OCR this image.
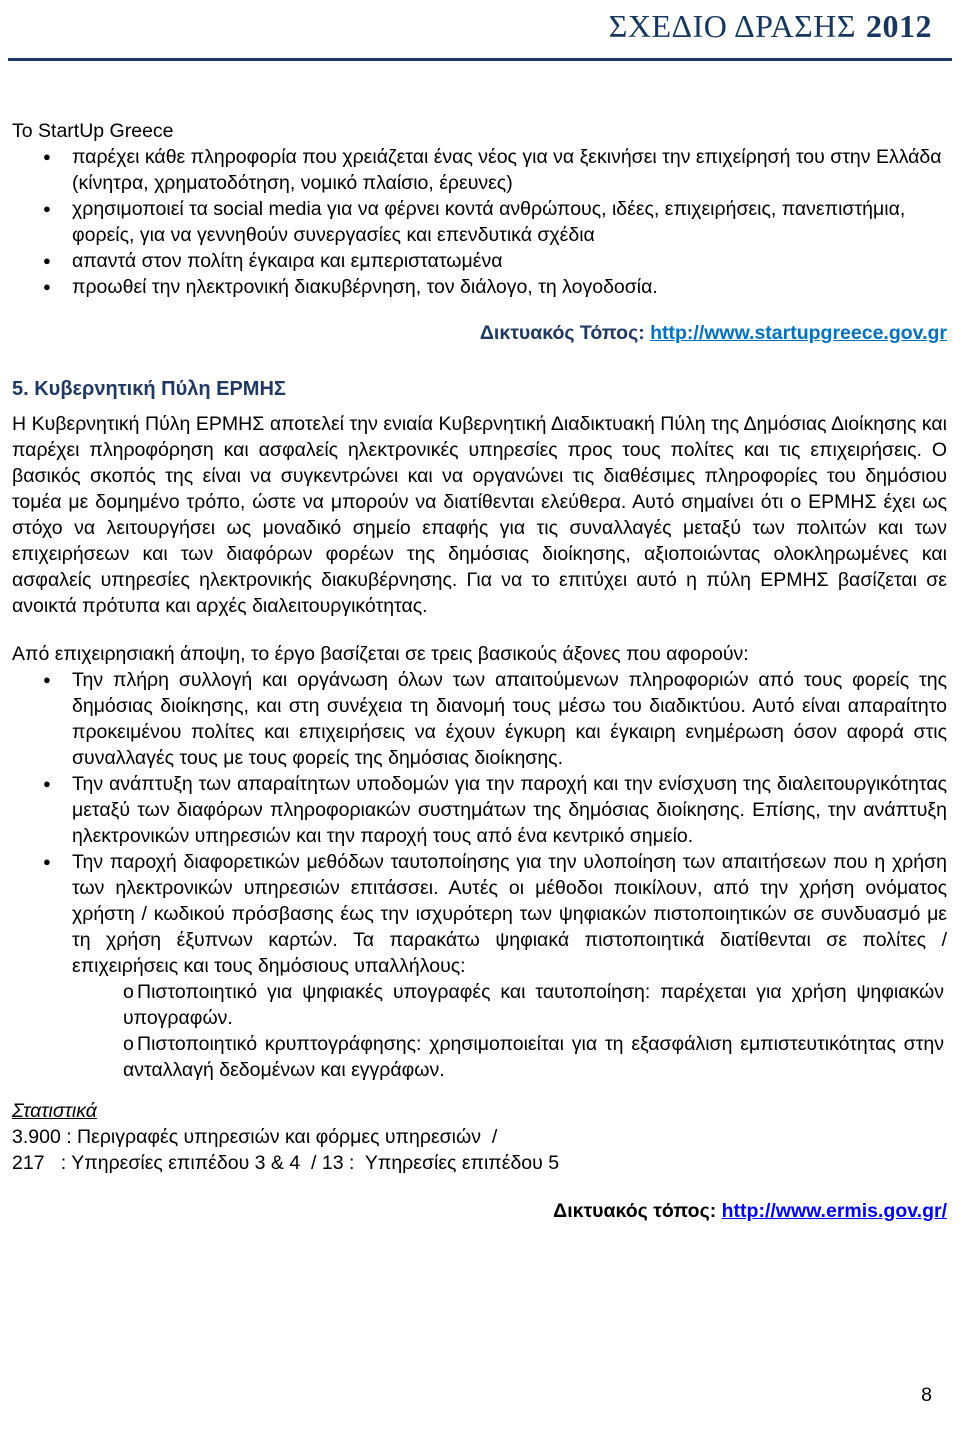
ΣΧΕΔΙΟ ΔΡΑΣΗΣ 2012

Το StartUp Greece

● παρέχει κάθε πληροφορία που χρειάζεται ένας νέος για να ξεκινήσει την επιχείρησή του στην Ελλάδα (κίνητρα, χρηματοδότηση, νομικό πλαίσιο, έρευνες)
● χρησιμοποιεί τα social media για να φέρνει κοντά ανθρώπους, ιδέες, επιχειρήσεις, πανεπιστήμια, φορείς, για να γεννηθούν συνεργασίες και επενδυτικά σχέδια
● απαντά στον πολίτη έγκαιρα και εμπεριστατωμένα
● προωθεί την ηλεκτρονική διακυβέρνηση, τον διάλογο, τη λογοδοσία.

Δικτυακός Τόπος: http://www.startupgreece.gov.gr

5. Κυβερνητική Πύλη ΕΡΜΗΣ

Η Κυβερνητική Πύλη ΕΡΜΗΣ αποτελεί την ενιαία Κυβερνητική Διαδικτυακή Πύλη της Δημόσιας Διοίκησης και παρέχει πληροφόρηση και ασφαλείς ηλεκτρονικές υπηρεσίες προς τους πολίτες και τις επιχειρήσεις. Ο βασικός σκοπός της είναι να συγκεντρώνει και να οργανώνει τις διαθέσιμες πληροφορίες του δημόσιου τομέα με δομημένο τρόπο, ώστε να μπορούν να διατίθενται ελεύθερα. Αυτό σημαίνει ότι ο ΕΡΜΗΣ έχει ως στόχο να λειτουργήσει ως μοναδικό σημείο επαφής για τις συναλλαγές μεταξύ των πολιτών και των επιχειρήσεων και των διαφόρων φορέων της δημόσιας διοίκησης, αξιοποιώντας ολοκληρωμένες και ασφαλείς υπηρεσίες ηλεκτρονικής διακυβέρνησης. Για να το επιτύχει αυτό η πύλη ΕΡΜΗΣ βασίζεται σε ανοικτά πρότυπα και αρχές διαλειτουργικότητας.

Από επιχειρησιακή άποψη, το έργο βασίζεται σε τρεις βασικούς άξονες που αφορούν:

● Την πλήρη συλλογή και οργάνωση όλων των απαιτούμενων πληροφοριών από τους φορείς της δημόσιας διοίκησης, και στη συνέχεια τη διανομή τους μέσω του διαδικτύου. Αυτό είναι απαραίτητο προκειμένου πολίτες και επιχειρήσεις να έχουν έγκυρη και έγκαιρη ενημέρωση όσον αφορά στις συναλλαγές τους με τους φορείς της δημόσιας διοίκησης.
● Την ανάπτυξη των απαραίτητων υποδομών για την παροχή και την ενίσχυση της διαλειτουργικότητας μεταξύ των διαφόρων πληροφοριακών συστημάτων της δημόσιας διοίκησης. Επίσης, την ανάπτυξη ηλεκτρονικών υπηρεσιών και την παροχή τους από ένα κεντρικό σημείο.
● Την παροχή διαφορετικών μεθόδων ταυτοποίησης για την υλοποίηση των απαιτήσεων που η χρήση των ηλεκτρονικών υπηρεσιών επιτάσσει. Αυτές οι μέθοδοι ποικίλουν, από την χρήση ονόματος χρήστη / κωδικού πρόσβασης έως την ισχυρότερη των ψηφιακών πιστοποιητικών σε συνδυασμό με τη χρήση έξυπνων καρτών. Τα παρακάτω ψηφιακά πιστοποιητικά διατίθενται σε πολίτες / επιχειρήσεις και τους δημόσιους υπαλλήλους:
o Πιστοποιητικό για ψηφιακές υπογραφές και ταυτοποίηση: παρέχεται για χρήση ψηφιακών υπογραφών.
o Πιστοποιητικό κρυπτογράφησης: χρησιμοποιείται για τη εξασφάλιση εμπιστευτικότητας στην ανταλλαγή δεδομένων και εγγράφων.

Στατιστικά

3.900 : Περιγραφές υπηρεσιών και φόρμες υπηρεσιών  /

217   : Υπηρεσίες επιπέδου 3 & 4  / 13 :  Υπηρεσίες επιπέδου 5

Δικτυακός τόπος: http://www.ermis.gov.gr/

8
